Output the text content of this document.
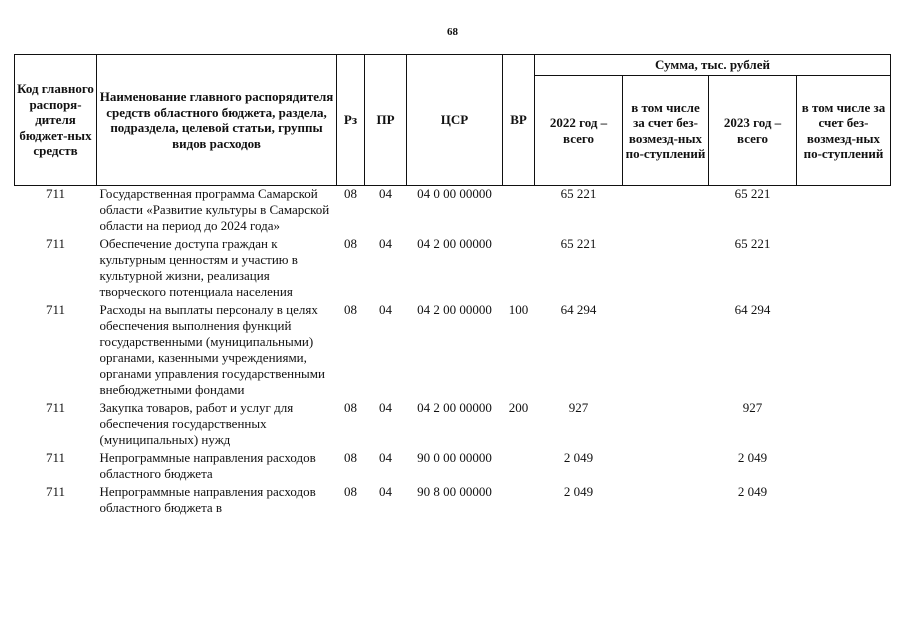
68
Код главного распоря-дителя бюджет-ных средств	Наименование главного распорядителя средств областного бюджета, раздела, подраздела, целевой статьи, группы видов расходов	Рз	ПР	ЦСР	ВР	Сумма, тыс. рублей			
						2022 год – всего	в том числе за счет без-возмезд-ных по-ступлений	2023 год – всего	в том числе за счет без-возмезд-ных по-ступлений
711	Государственная программа Самарской области «Развитие культуры в Самарской области на период до 2024 года»	08	04	04 0 00 00000		65 221		65 221	
711	Обеспечение доступа граждан к культурным ценностям и участию в культурной жизни, реализация творческого потенциала населения	08	04	04 2 00 00000		65 221		65 221	
711	Расходы на выплаты персоналу в целях обеспечения выполнения функций государственными (муниципальными) органами, казенными учреждениями, органами управления государственными внебюджетными фондами	08	04	04 2 00 00000	100	64 294		64 294	
711	Закупка товаров, работ и услуг для обеспечения государственных (муниципальных) нужд	08	04	04 2 00 00000	200	927		927	
711	Непрограммные направления расходов областного бюджета	08	04	90 0 00 00000		2 049		2 049	
711	Непрограммные направления расходов областного бюджета в	08	04	90 8 00 00000		2 049		2 049	
